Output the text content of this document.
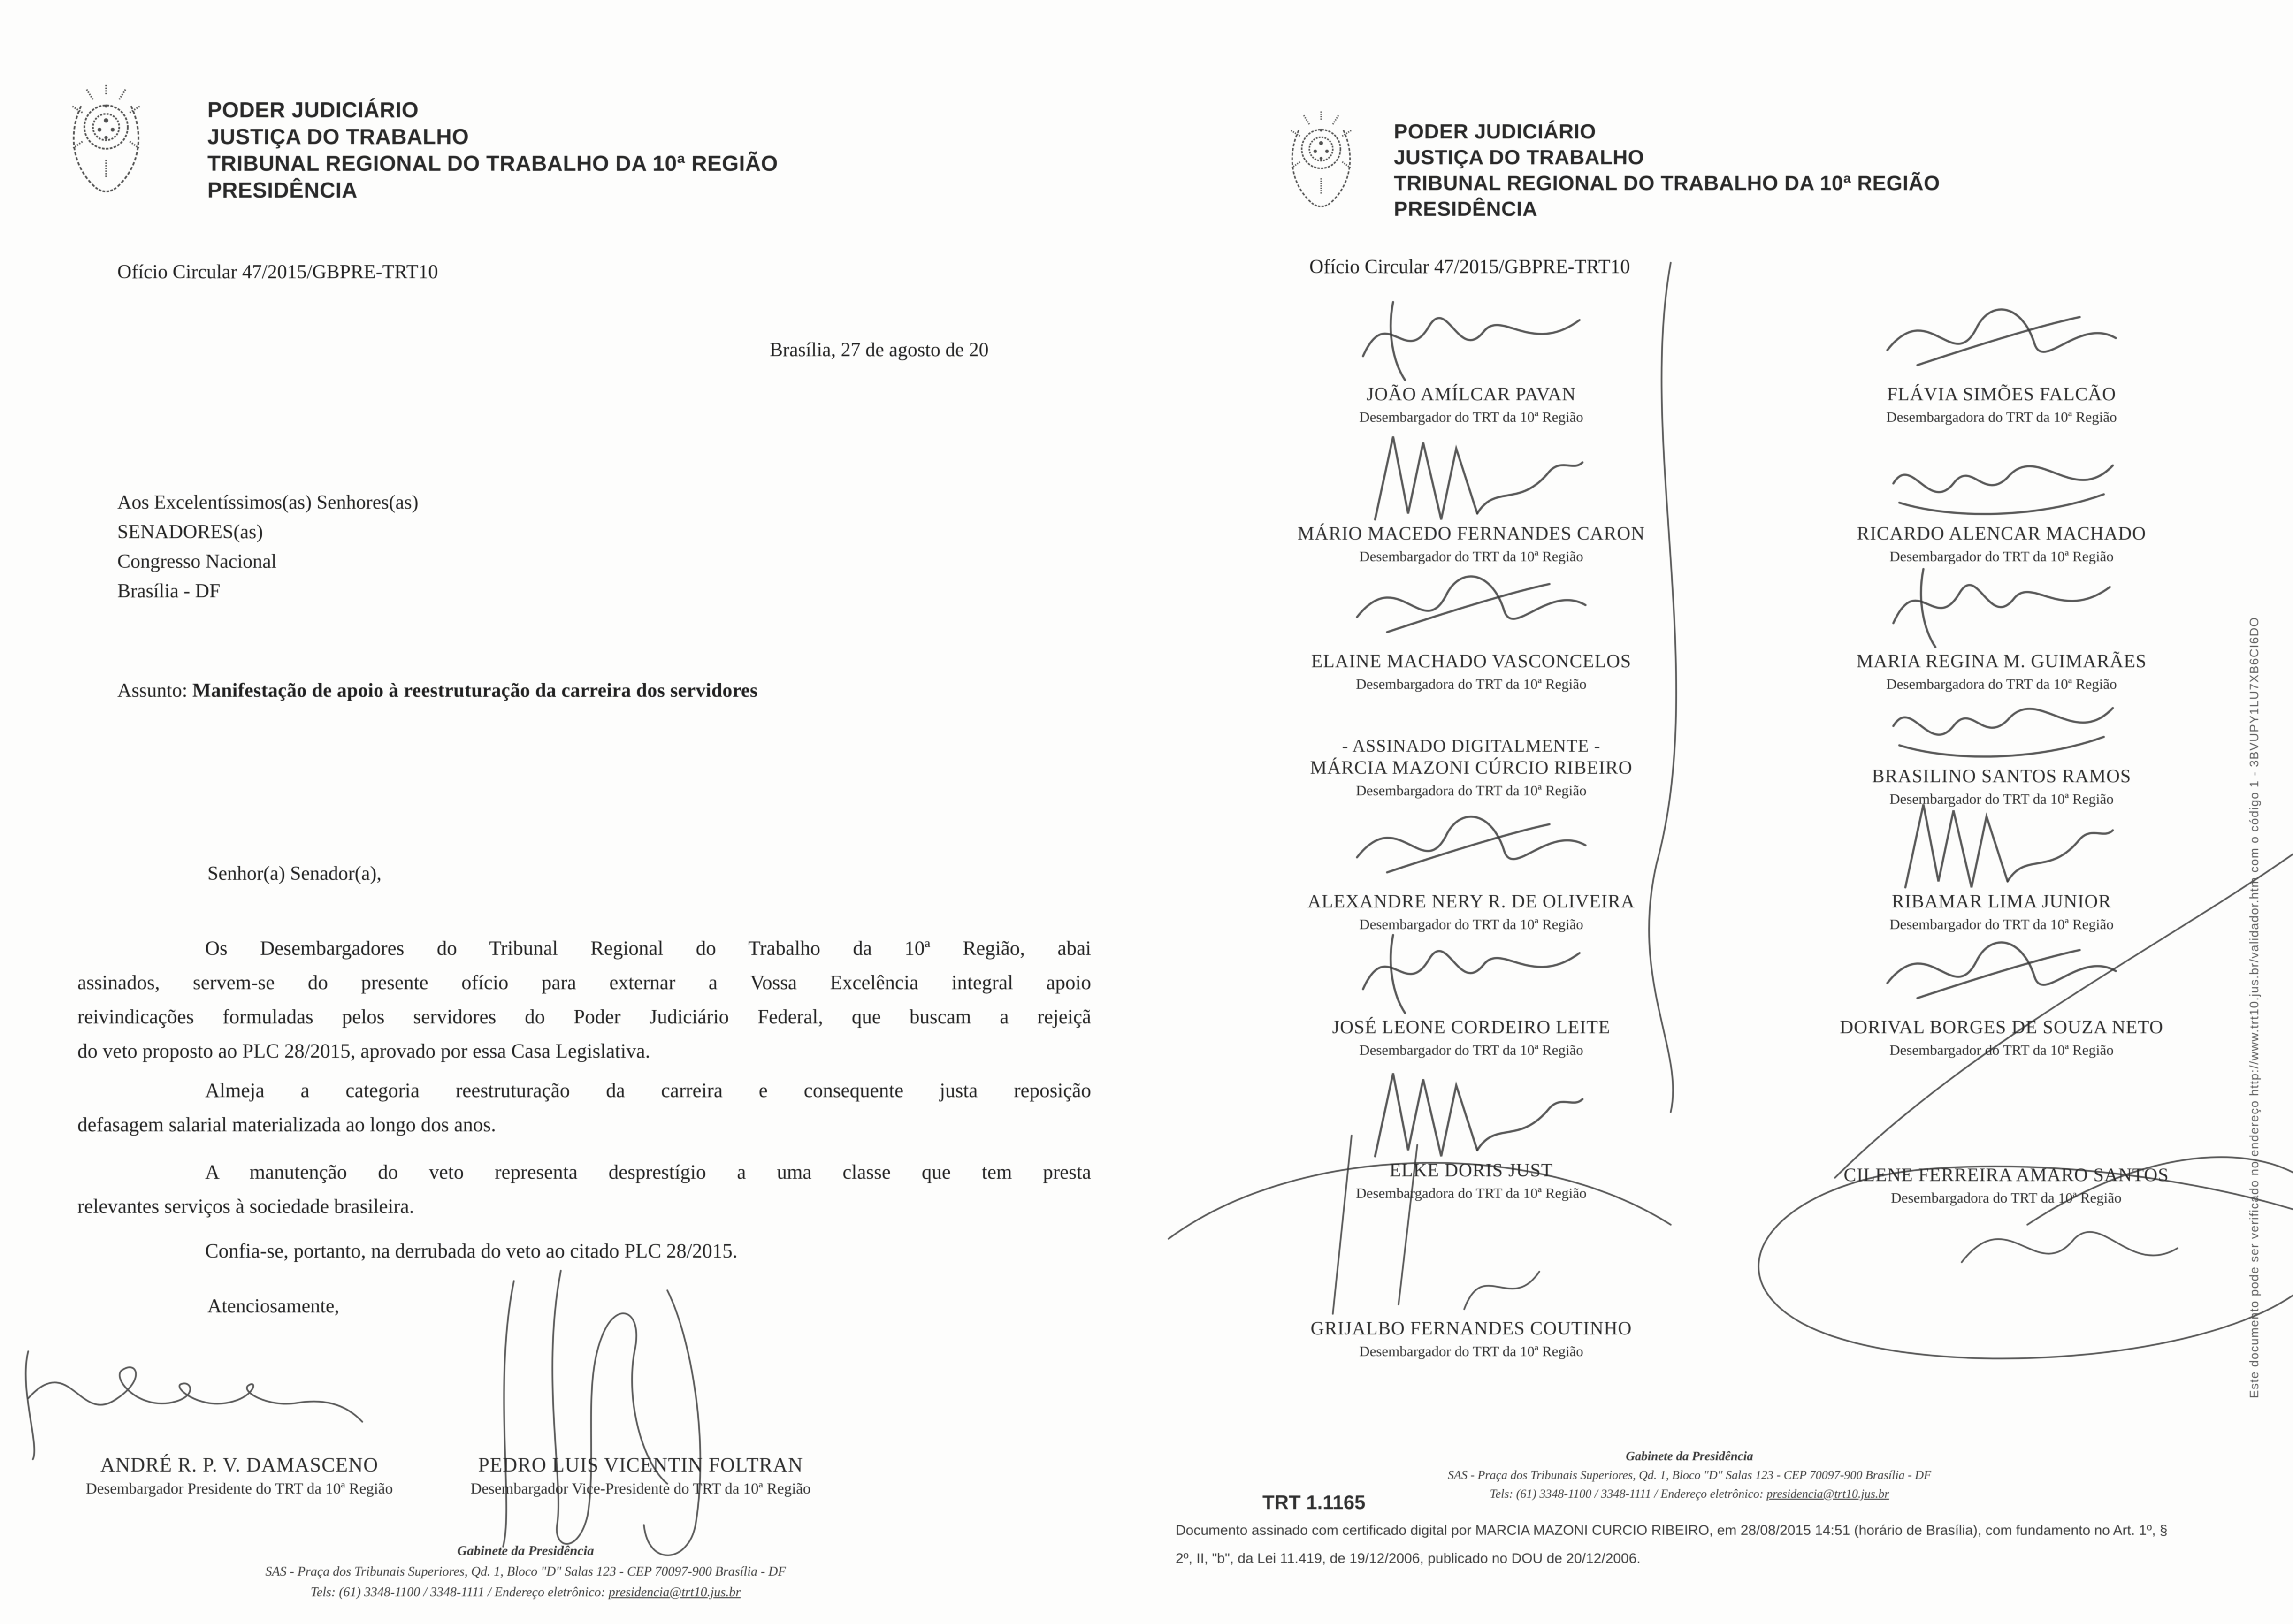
PODER JUDICIÁRIO
JUSTIÇA DO TRABALHO
TRIBUNAL REGIONAL DO TRABALHO DA 10ª REGIÃO
PRESIDÊNCIA
Ofício Circular 47/2015/GBPRE-TRT10
Brasília, 27 de agosto de 20
Aos Excelentíssimos(as) Senhores(as)
SENADORES(as)
Congresso Nacional
Brasília - DF
Assunto: Manifestação de apoio à reestruturação da carreira dos servidores
Senhor(a) Senador(a),
Os Desembargadores do Tribunal Regional do Trabalho da 10ª Região, abai
assinados, servem-se do presente ofício para externar a Vossa Excelência integral apoio
reivindicações formuladas pelos servidores do Poder Judiciário Federal, que buscam a rejeiçã
do veto proposto ao PLC 28/2015, aprovado por essa Casa Legislativa.
Almeja a categoria reestruturação da carreira e consequente justa reposição
defasagem salarial materializada ao longo dos anos.
A manutenção do veto representa desprestígio a uma classe que tem presta
relevantes serviços à sociedade brasileira.
Confia-se, portanto, na derrubada do veto ao citado PLC 28/2015.
Atenciosamente,
ANDRÉ R. P. V. DAMASCENO
Desembargador Presidente do TRT da 10ª Região
PEDRO LUIS VICENTIN FOLTRAN
Desembargador Vice-Presidente do TRT da 10ª Região
Gabinete da Presidência
SAS - Praça dos Tribunais Superiores, Qd. 1, Bloco "D" Salas 123 - CEP 70097-900 Brasília - DF
Tels: (61) 3348-1100 / 3348-1111 / Endereço eletrônico: presidencia@trt10.jus.br
PODER JUDICIÁRIO
JUSTIÇA DO TRABALHO
TRIBUNAL REGIONAL DO TRABALHO DA 10ª REGIÃO
PRESIDÊNCIA
Ofício Circular 47/2015/GBPRE-TRT10
JOÃO AMÍLCAR PAVAN
Desembargador do TRT da 10ª Região
FLÁVIA SIMÕES FALCÃO
Desembargadora do TRT da 10ª Região
MÁRIO MACEDO FERNANDES CARON
Desembargador do TRT da 10ª Região
RICARDO ALENCAR MACHADO
Desembargador do TRT da 10ª Região
ELAINE MACHADO VASCONCELOS
Desembargadora do TRT da 10ª Região
MARIA REGINA M. GUIMARÃES
Desembargadora do TRT da 10ª Região
- ASSINADO DIGITALMENTE -
MÁRCIA MAZONI CÚRCIO RIBEIRO
Desembargadora do TRT da 10ª Região
BRASILINO SANTOS RAMOS
Desembargador do TRT da 10ª Região
ALEXANDRE NERY R. DE OLIVEIRA
Desembargador do TRT da 10ª Região
RIBAMAR LIMA JUNIOR
Desembargador do TRT da 10ª Região
JOSÉ LEONE CORDEIRO LEITE
Desembargador do TRT da 10ª Região
DORIVAL BORGES DE SOUZA NETO
Desembargador do TRT da 10ª Região
ELKE DORIS JUST
Desembargadora do TRT da 10ª Região
CILENE FERREIRA AMARO SANTOS
Desembargadora do TRT da 10ª Região
GRIJALBO FERNANDES COUTINHO
Desembargador do TRT da 10ª Região
Gabinete da Presidência
SAS - Praça dos Tribunais Superiores, Qd. 1, Bloco "D" Salas 123 - CEP 70097-900 Brasília - DF
Tels: (61) 3348-1100 / 3348-1111 / Endereço eletrônico: presidencia@trt10.jus.br
TRT 1.1165
Documento assinado com certificado digital por MARCIA MAZONI CURCIO RIBEIRO, em 28/08/2015 14:51 (horário de Brasília), com fundamento no Art. 1º, §
2º, II, "b", da Lei 11.419, de 19/12/2006, publicado no DOU de 20/12/2006.
Este documento pode ser verificado no endereço http://www.trt10.jus.br/validador.htm com o código 1 - 3BVUPY1LU7XB6CI6DO
